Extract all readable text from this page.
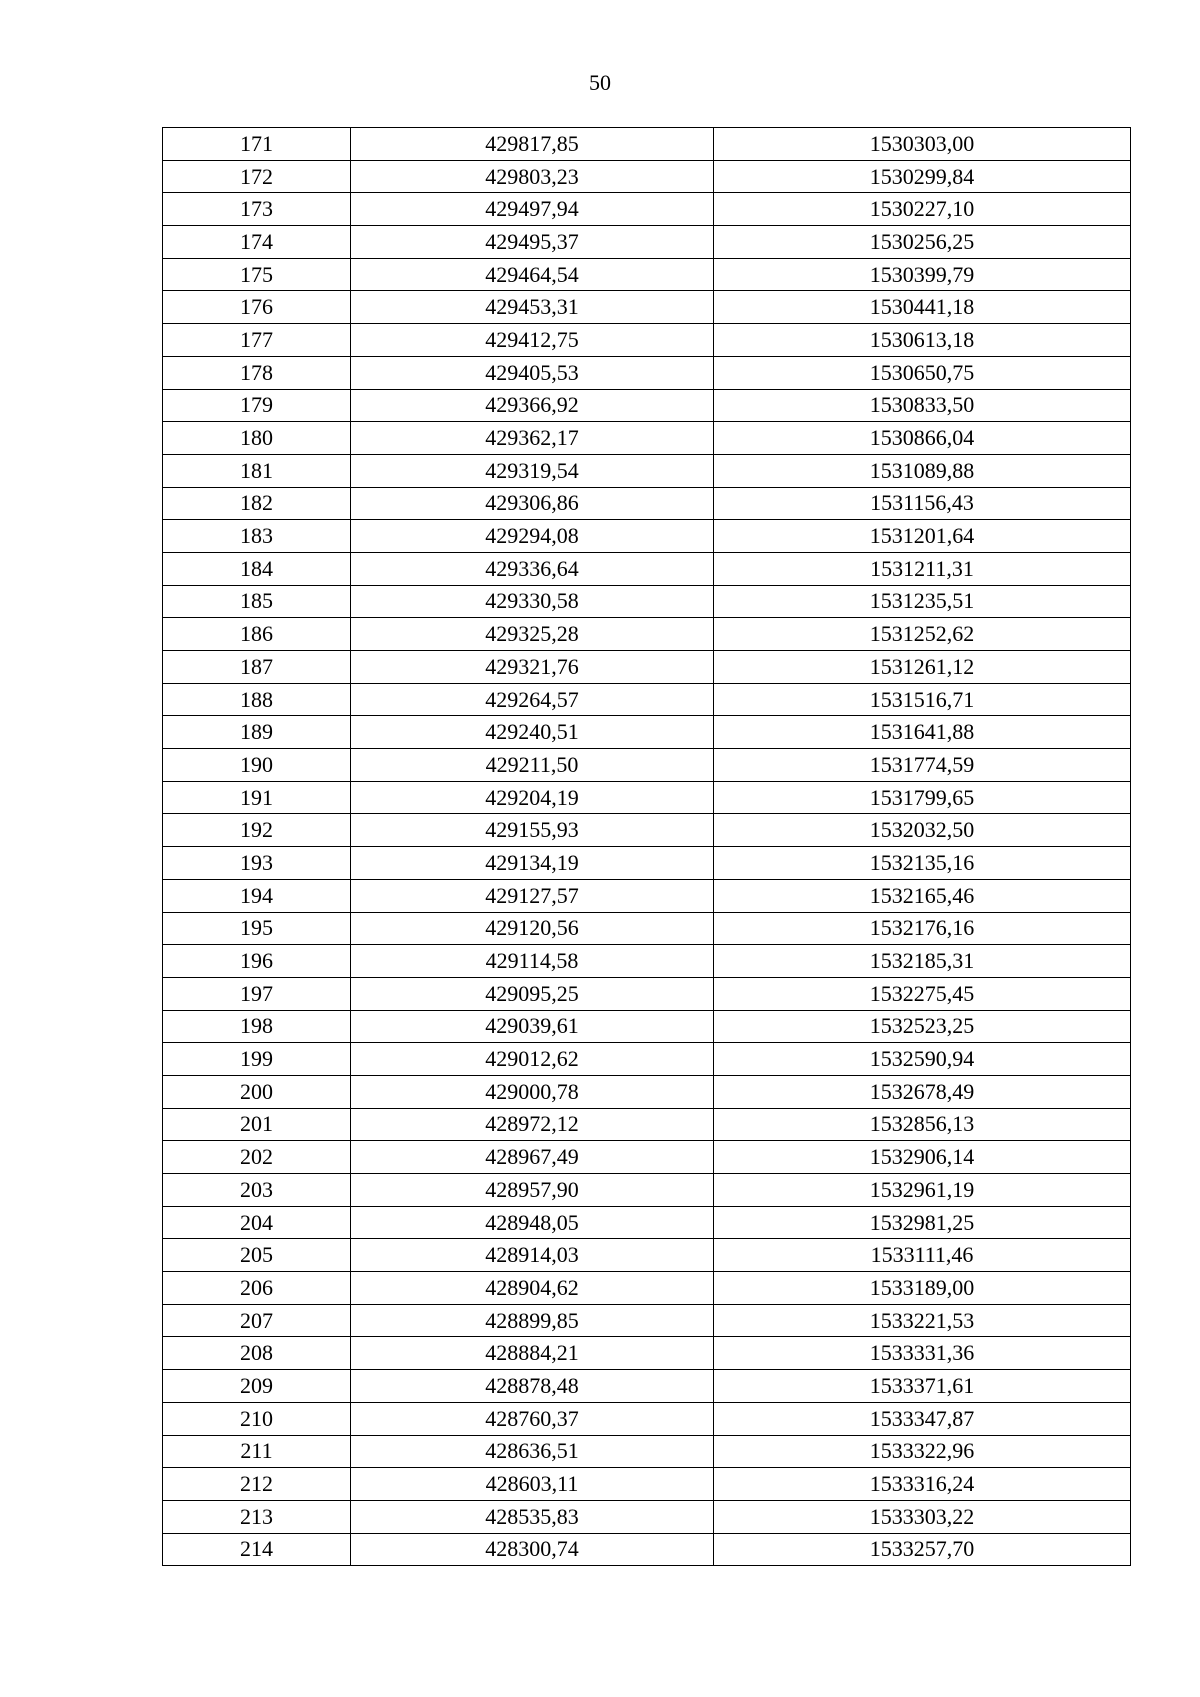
50
171	429817,85	1530303,00
172	429803,23	1530299,84
173	429497,94	1530227,10
174	429495,37	1530256,25
175	429464,54	1530399,79
176	429453,31	1530441,18
177	429412,75	1530613,18
178	429405,53	1530650,75
179	429366,92	1530833,50
180	429362,17	1530866,04
181	429319,54	1531089,88
182	429306,86	1531156,43
183	429294,08	1531201,64
184	429336,64	1531211,31
185	429330,58	1531235,51
186	429325,28	1531252,62
187	429321,76	1531261,12
188	429264,57	1531516,71
189	429240,51	1531641,88
190	429211,50	1531774,59
191	429204,19	1531799,65
192	429155,93	1532032,50
193	429134,19	1532135,16
194	429127,57	1532165,46
195	429120,56	1532176,16
196	429114,58	1532185,31
197	429095,25	1532275,45
198	429039,61	1532523,25
199	429012,62	1532590,94
200	429000,78	1532678,49
201	428972,12	1532856,13
202	428967,49	1532906,14
203	428957,90	1532961,19
204	428948,05	1532981,25
205	428914,03	1533111,46
206	428904,62	1533189,00
207	428899,85	1533221,53
208	428884,21	1533331,36
209	428878,48	1533371,61
210	428760,37	1533347,87
211	428636,51	1533322,96
212	428603,11	1533316,24
213	428535,83	1533303,22
214	428300,74	1533257,70
